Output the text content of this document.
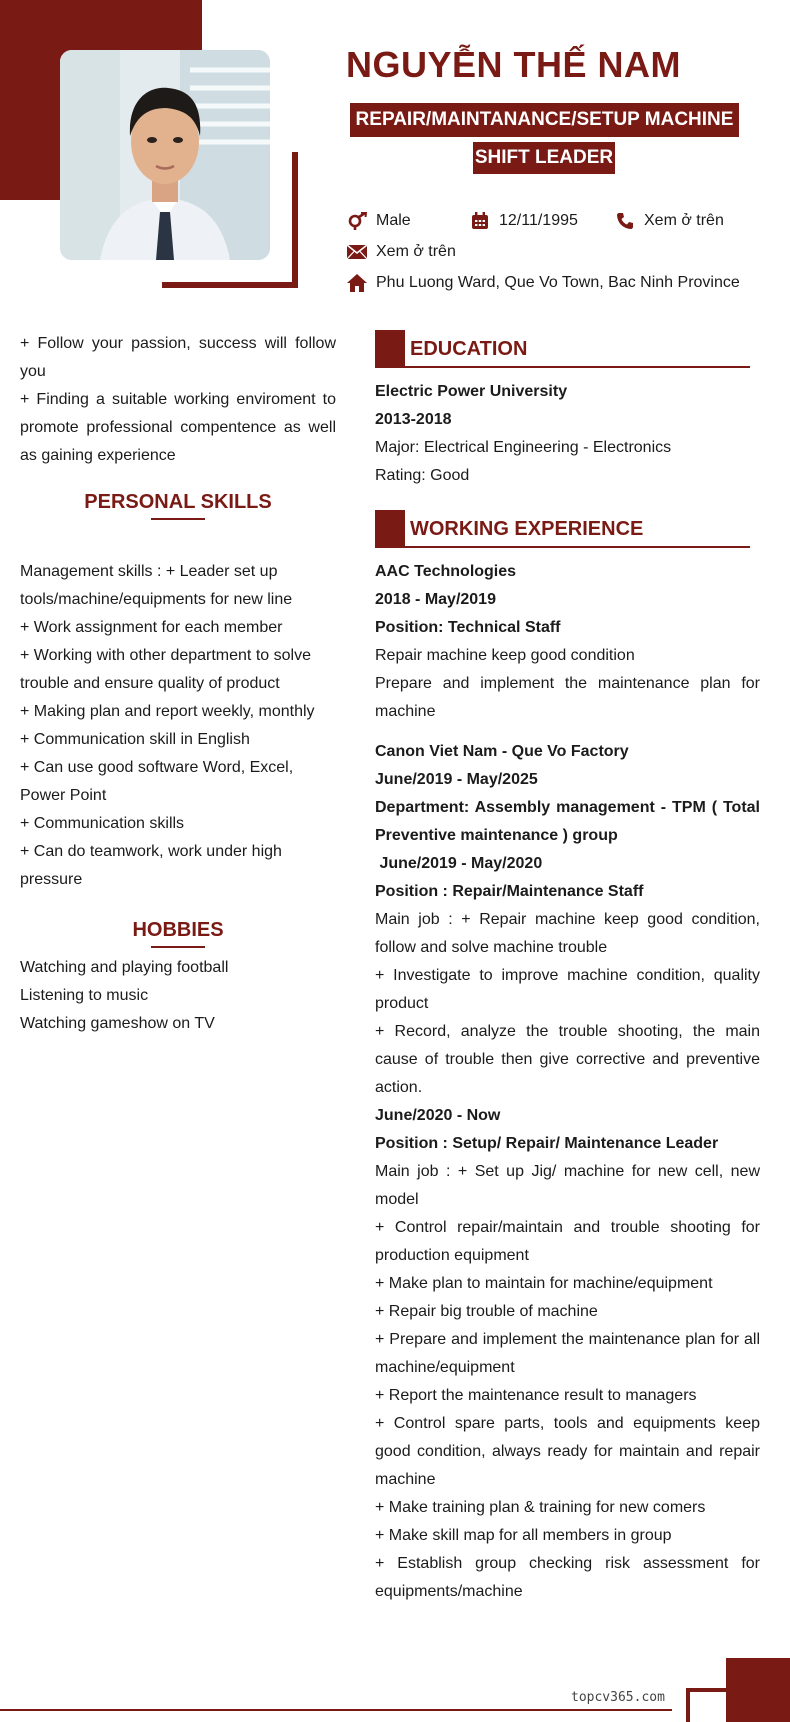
NGUYỄN THẾ NAM
REPAIR/MAINTANANCE/SETUP MACHINE
SHIFT LEADER
Male	12/11/1995	Xem ở trên
Xem ở trên
Phu Luong Ward, Que Vo Town, Bac Ninh Province

+ Follow your passion, success will follow you

+ Finding a suitable working enviroment to promote professional compentence as well as gaining experience

PERSONAL SKILLS

Management skills : + Leader set up tools/machine/equipments for new line

+ Work assignment for each member

+ Working with other department to solve trouble and ensure quality of product

+ Making plan and report weekly, monthly

+ Communication skill in English

+ Can use good software Word, Excel, Power Point

+ Communication skills

+ Can do teamwork, work under high pressure

HOBBIES

Watching and playing football

Listening to music

Watching gameshow on TV

EDUCATION

Electric Power University

2013-2018

Major: Electrical Engineering - Electronics

Rating: Good

WORKING EXPERIENCE

AAC Technologies

2018 - May/2019

Position: Technical Staff

Repair machine keep good condition

Prepare and implement the maintenance plan for machine

Canon Viet Nam - Que Vo Factory

June/2019 - May/2025

Department: Assembly management - TPM ( Total Preventive maintenance ) group

June/2019 - May/2020

Position : Repair/Maintenance Staff

Main job : + Repair machine keep good condition, follow and solve machine trouble

+ Investigate to improve machine condition, quality product

+ Record, analyze the trouble shooting, the main cause of trouble then give corrective and preventive action.

June/2020 - Now

Position : Setup/ Repair/ Maintenance Leader

Main job : + Set up Jig/ machine for new cell, new model

+ Control repair/maintain and trouble shooting for production equipment

+ Make plan to maintain for machine/equipment

+ Repair big trouble of machine

+ Prepare and implement the maintenance plan for all machine/equipment

+ Report the maintenance result to managers

+ Control spare parts, tools and equipments keep good condition, always ready for maintain and repair machine

+ Make training plan & training for new comers

+ Make skill map for all members in group

+ Establish group checking risk assessment for equipments/machine

topcv365.com
